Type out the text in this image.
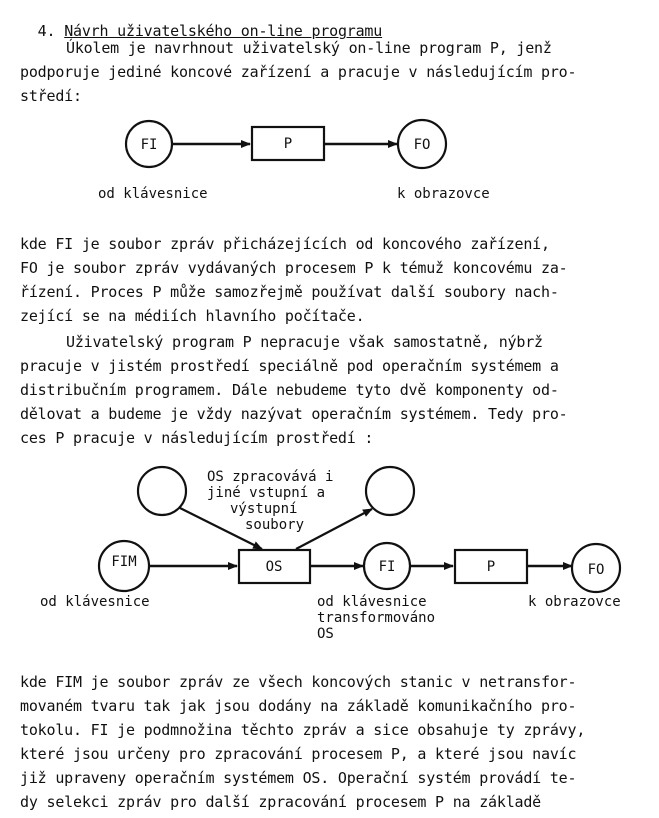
4. Návrh uživatelského on-line programu

Úkolem je navrhnout uživatelský on-line program P, jenž
podporuje jediné koncové zařízení a pracuje v následujícím pro-
středí:
FI	P	FO
od klávesnice	k obrazovce
OS zpracovává i
jiné vstupní a
výstupní
soubory
FIM	OS	FI	P	FO
od klávesnice	od klávesnice
transformováno
OS
k obrazovce
kde FI je soubor zpráv přicházejících od koncového zařízení,
FO je soubor zpráv vydávaných procesem P k témuž koncovému za-
řízení. Proces P může samozřejmě používat další soubory nach-
zející se na médiích hlavního počítače.
Uživatelský program P nepracuje však samostatně, nýbrž
pracuje v jistém prostředí speciálně pod operačním systémem a
distribučním programem. Dále nebudeme tyto dvě komponenty od-
dělovat a budeme je vždy nazývat operačním systémem. Tedy pro-
ces P pracuje v následujícím prostředí :
kde FIM je soubor zpráv ze všech koncových stanic v netransfor-
movaném tvaru tak jak jsou dodány na základě komunikačního pro-
tokolu. FI je podmnožina těchto zpráv a sice obsahuje ty zprávy,
které jsou určeny pro zpracování procesem P, a které jsou navíc
již upraveny operačním systémem OS. Operační systém provádí te-
dy selekci zpráv pro další zpracování procesem P na základě
